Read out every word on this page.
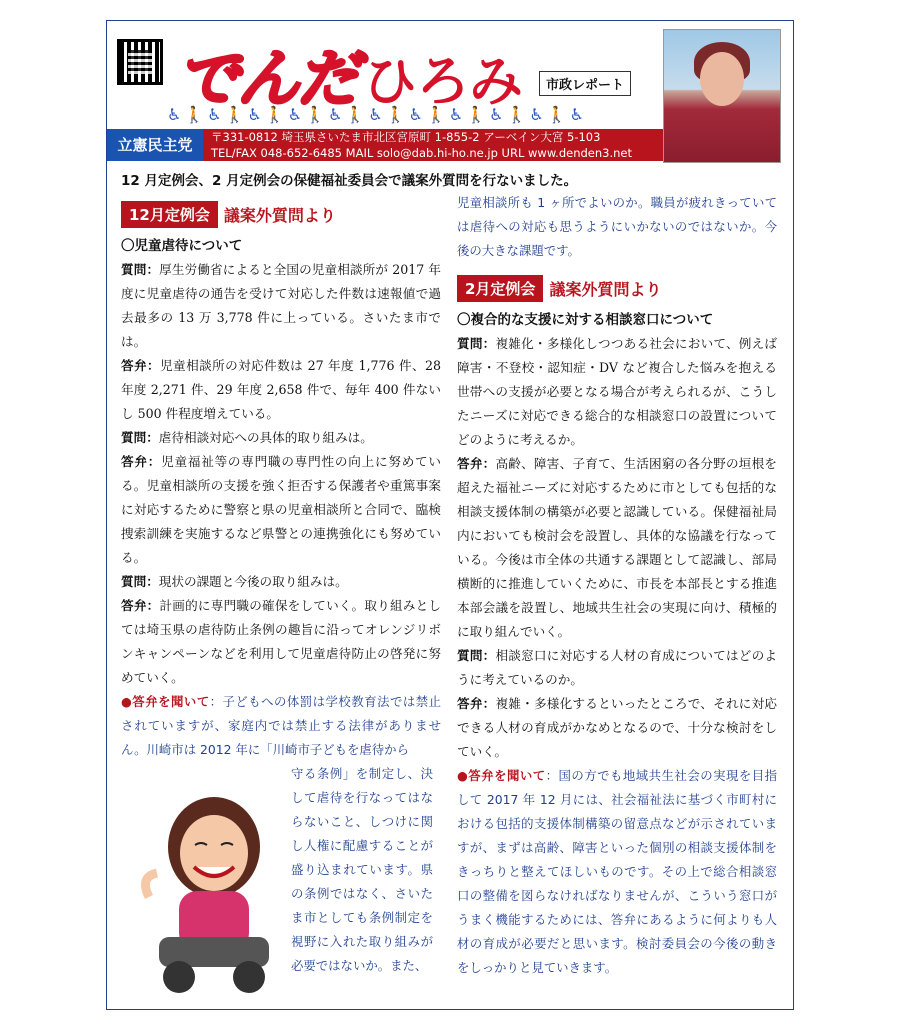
でんだ ひろみ	市政レポート
♿🚶♿🚶♿🚶♿🚶♿🚶♿🚶♿🚶♿🚶♿🚶♿🚶♿
立憲民主党	〒331-0812 埼玉県さいたま市北区宮原町 1-855-2 アーベイン大宮 5-103
TEL/FAX 048-652-6485 MAIL solo@dab.hi-ho.ne.jp URL www.denden3.net
12 月定例会、2 月定例会の保健福祉委員会で議案外質問を行ないました。
12月定例会 議案外質問より
〇児童虐待について

質問：厚生労働省によると全国の児童相談所が 2017 年度に児童虐待の通告を受けて対応した件数は速報値で過去最多の 13 万 3,778 件に上っている。さいたま市では。

答弁：児童相談所の対応件数は 27 年度 1,776 件、28 年度 2,271 件、29 年度 2,658 件で、毎年 400 件ないし 500 件程度増えている。

質問：虐待相談対応への具体的取り組みは。

答弁：児童福祉等の専門職の専門性の向上に努めている。児童相談所の支援を強く拒否する保護者や重篤事案に対応するために警察と県の児童相談所と合同で、臨検捜索訓練を実施するなど県警との連携強化にも努めている。

質問：現状の課題と今後の取り組みは。

答弁：計画的に専門職の確保をしていく。取り組みとしては埼玉県の虐待防止条例の趣旨に沿ってオレンジリボンキャンペーンなどを利用して児童虐待防止の啓発に努めていく。

●答弁を聞いて：子どもへの体罰は学校教育法では禁止されていますが、家庭内では禁止する法律がありません。川崎市は 2012 年に「川崎市子どもを虐待から

守る条例」を制定し、決して虐待を行なってはならないこと、しつけに関し人権に配慮することが盛り込まれています。県の条例ではなく、さいたま市としても条例制定を視野に入れた取り組みが必要ではないか。また、

児童相談所も 1 ヶ所でよいのか。職員が疲れきっていては虐待への対応も思うようにいかないのではないか。今後の大きな課題です。

2月定例会 議案外質問より
〇複合的な支援に対する相談窓口について

質問：複雑化・多様化しつつある社会において、例えば障害・不登校・認知症・DV など複合した悩みを抱える世帯への支援が必要となる場合が考えられるが、こうしたニーズに対応できる総合的な相談窓口の設置についてどのように考えるか。

答弁：高齢、障害、子育て、生活困窮の各分野の垣根を超えた福祉ニーズに対応するために市としても包括的な相談支援体制の構築が必要と認識している。保健福祉局内においても検討会を設置し、具体的な協議を行なっている。今後は市全体の共通する課題として認識し、部局横断的に推進していくために、市長を本部長とする推進本部会議を設置し、地域共生社会の実現に向け、積極的に取り組んでいく。

質問：相談窓口に対応する人材の育成についてはどのように考えているのか。

答弁：複雑・多様化するといったところで、それに対応できる人材の育成がかなめとなるので、十分な検討をしていく。

●答弁を聞いて：国の方でも地域共生社会の実現を目指して 2017 年 12 月には、社会福祉法に基づく市町村における包括的支援体制構築の留意点などが示されていますが、まずは高齢、障害といった個別の相談支援体制をきっちりと整えてほしいものです。その上で総合相談窓口の整備を図らなければなりませんが、こういう窓口がうまく機能するためには、答弁にあるように何よりも人材の育成が必要だと思います。検討委員会の今後の動きをしっかりと見ていきます。
